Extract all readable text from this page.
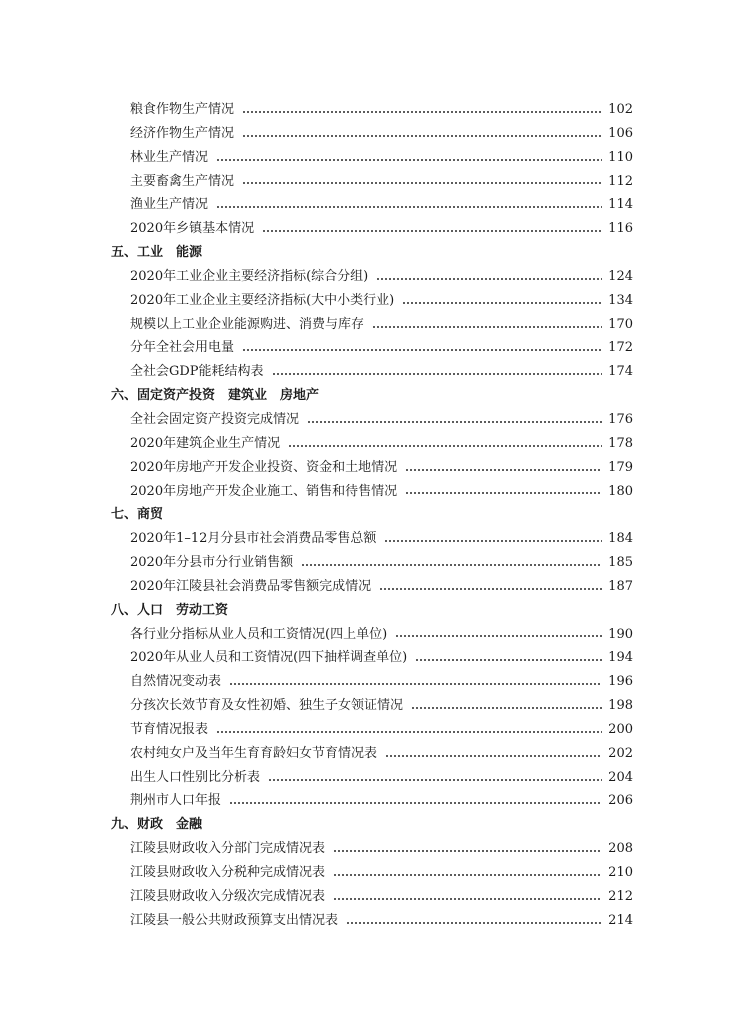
粮食作物生产情况	102
经济作物生产情况	106
林业生产情况	110
主要畜禽生产情况	112
渔业生产情况	114
2020年乡镇基本情况	116
五、工业　能源
2020年工业企业主要经济指标(综合分组)	124
2020年工业企业主要经济指标(大中小类行业)	134
规模以上工业企业能源购进、消费与库存	170
分年全社会用电量	172
全社会GDP能耗结构表	174
六、固定资产投资　建筑业　房地产
全社会固定资产投资完成情况	176
2020年建筑企业生产情况	178
2020年房地产开发企业投资、资金和土地情况	179
2020年房地产开发企业施工、销售和待售情况	180
七、商贸
2020年1–12月分县市社会消费品零售总额	184
2020年分县市分行业销售额	185
2020年江陵县社会消费品零售额完成情况	187
八、人口　劳动工资
各行业分指标从业人员和工资情况(四上单位)	190
2020年从业人员和工资情况(四下抽样调查单位)	194
自然情况变动表	196
分孩次长效节育及女性初婚、独生子女领证情况	198
节育情况报表	200
农村纯女户及当年生育育龄妇女节育情况表	202
出生人口性别比分析表	204
荆州市人口年报	206
九、财政　金融
江陵县财政收入分部门完成情况表	208
江陵县财政收入分税种完成情况表	210
江陵县财政收入分级次完成情况表	212
江陵县一般公共财政预算支出情况表	214
